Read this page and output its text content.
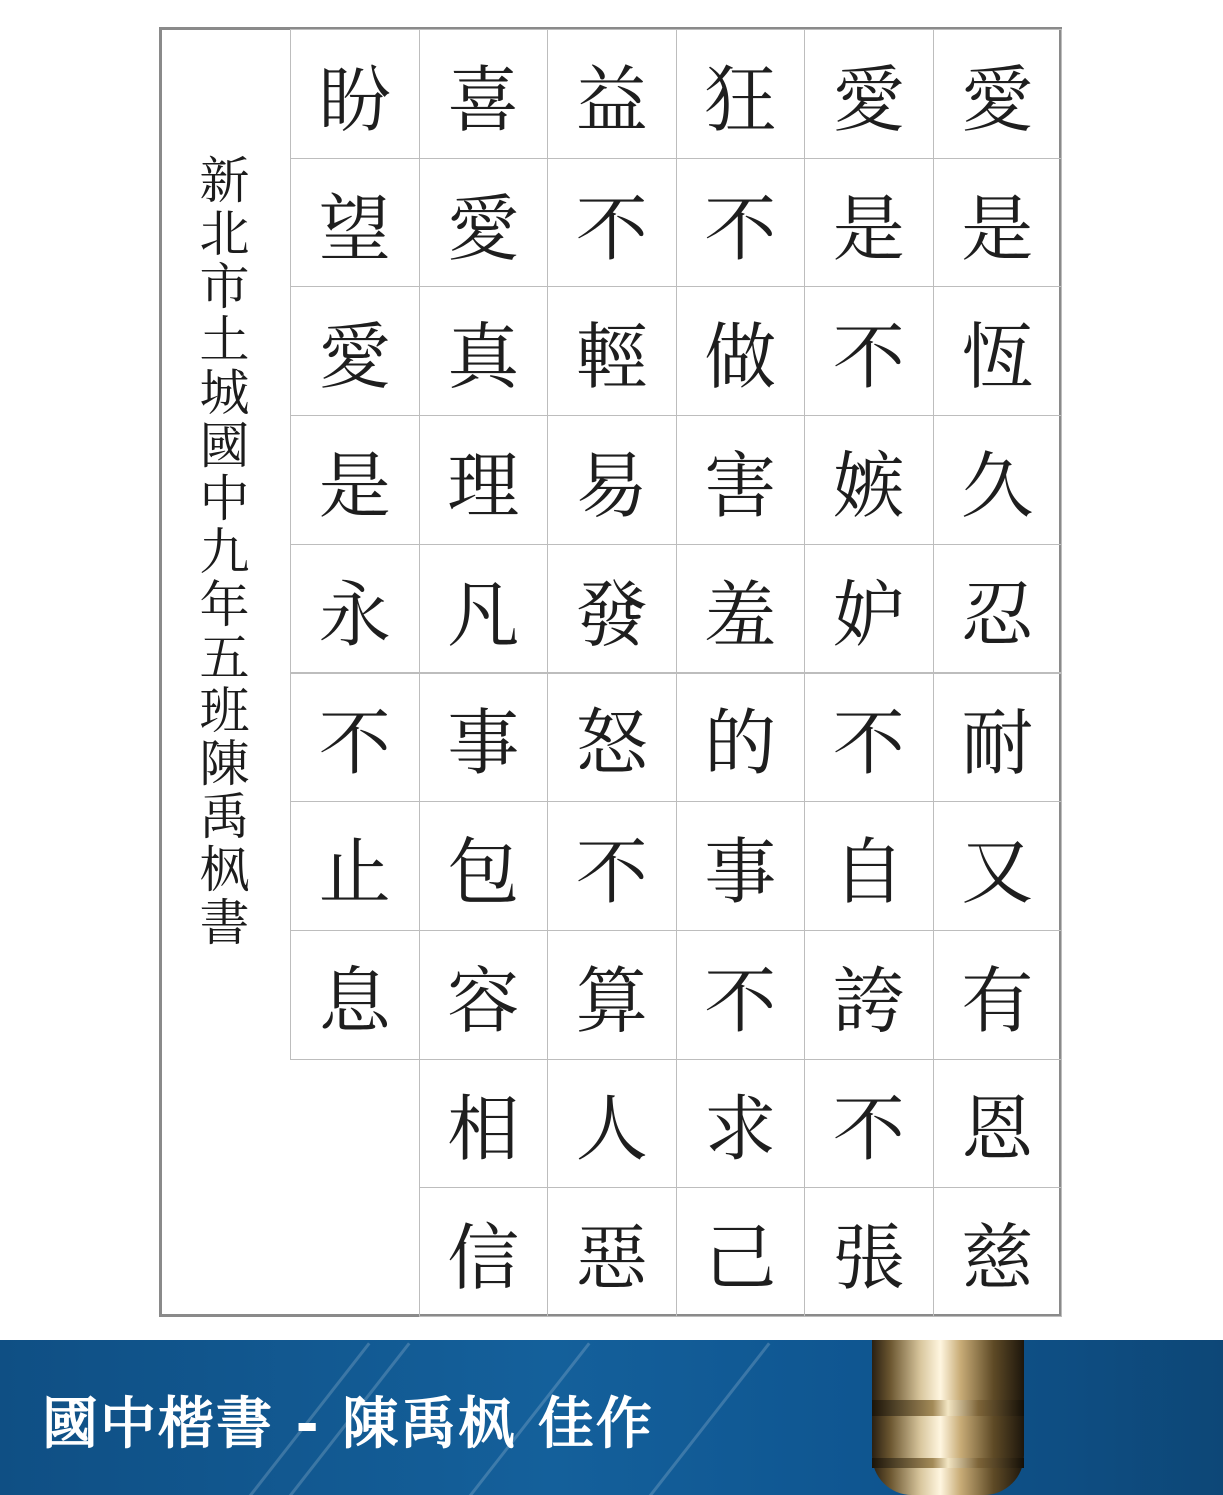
新
北
市
土
城
國
中
九
年
五
班
陳
禹
枫
書
愛
是
恆
久
忍
耐
又
有
恩
慈
愛
是
不
嫉
妒
不
自
誇
不
張
狂
不
做
害
羞
的
事
不
求
己
益
不
輕
易
發
怒
不
算
人
惡
喜
愛
真
理
凡
事
包
容
相
信
盼
望
愛
是
永
不
止
息
國中楷書 - 陳禹枫 佳作
